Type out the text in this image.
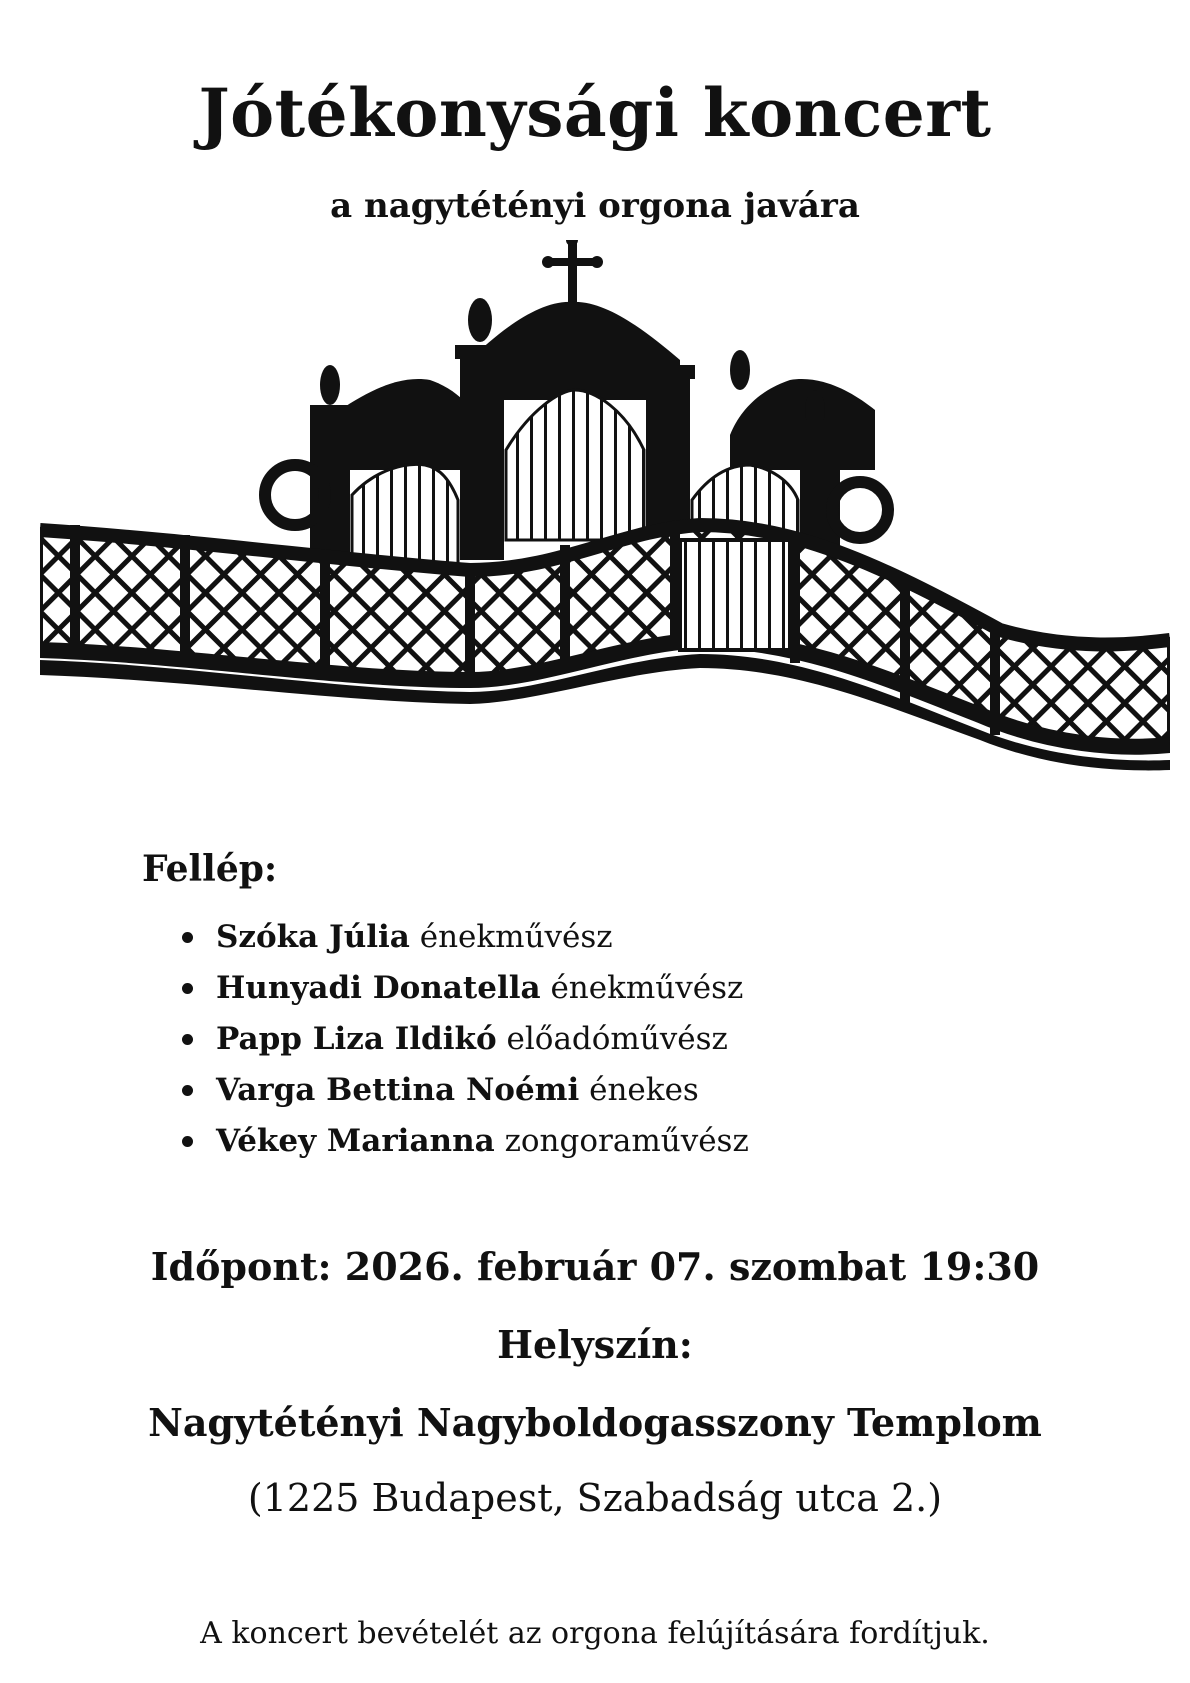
Jótékonysági koncert
a nagytétényi orgona javára
Fellép:
Szóka Júlia énekművész
Hunyadi Donatella énekművész
Papp Liza Ildikó előadóművész
Varga Bettina Noémi énekes
Vékey Marianna zongoraművész
Időpont: 2026. február 07. szombat 19:30
Helyszín:
Nagytétényi Nagyboldogasszony Templom
(1225 Budapest, Szabadság utca 2.)
A koncert bevételét az orgona felújítására fordítjuk.
